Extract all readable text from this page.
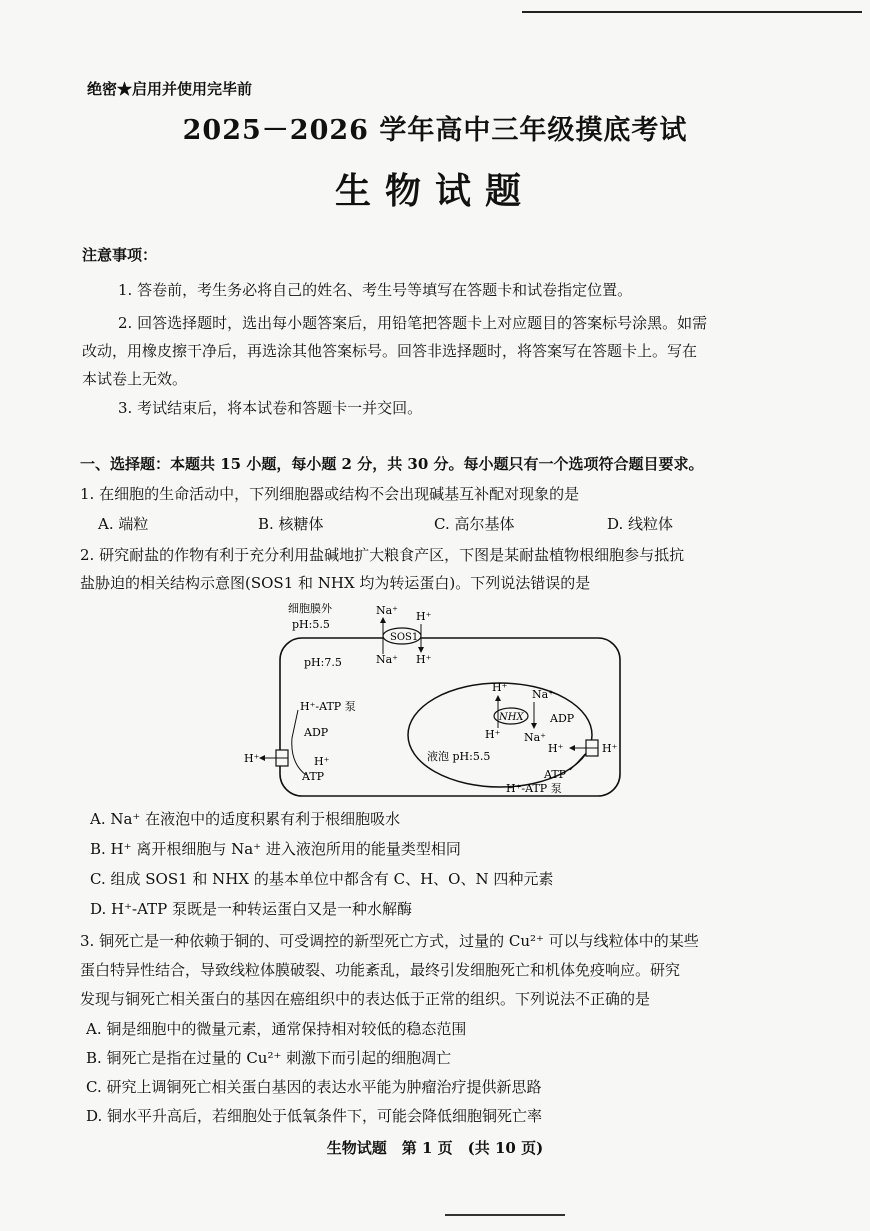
绝密★启用并使用完毕前
2025－2026 学年高中三年级摸底考试
生物试题
注意事项：
1. 答卷前，考生务必将自己的姓名、考生号等填写在答题卡和试卷指定位置。
2. 回答选择题时，选出每小题答案后，用铅笔把答题卡上对应题目的答案标号涂黑。如需
改动，用橡皮擦干净后，再选涂其他答案标号。回答非选择题时，将答案写在答题卡上。写在
本试卷上无效。
3. 考试结束后，将本试卷和答题卡一并交回。
一、选择题：本题共 15 小题，每小题 2 分，共 30 分。每小题只有一个选项符合题目要求。
1. 在细胞的生命活动中，下列细胞器或结构不会出现碱基互补配对现象的是
A. 端粒	B. 核糖体	C. 高尔基体	D. 线粒体
2. 研究耐盐的作物有利于充分利用盐碱地扩大粮食产区，下图是某耐盐植物根细胞参与抵抗
盐胁迫的相关结构示意图(SOS1 和 NHX 均为转运蛋白)。下列说法错误的是
细胞膜外
pH:5.5
pH:7.5
液泡 pH:5.5
SOS1
Na⁺
Na⁺
H⁺
H⁺
H⁺	H⁺
ADP
ATP
H⁺-ATP 泵
NHX
H⁺
Na⁺
H⁺ Na⁺
H⁺	H⁺
ADP
ATP
H⁺-ATP 泵
A. Na⁺ 在液泡中的适度积累有利于根细胞吸水
B. H⁺ 离开根细胞与 Na⁺ 进入液泡所用的能量类型相同
C. 组成 SOS1 和 NHX 的基本单位中都含有 C、H、O、N 四种元素
D. H⁺-ATP 泵既是一种转运蛋白又是一种水解酶
3. 铜死亡是一种依赖于铜的、可受调控的新型死亡方式，过量的 Cu²⁺ 可以与线粒体中的某些
蛋白特异性结合，导致线粒体膜破裂、功能紊乱，最终引发细胞死亡和机体免疫响应。研究
发现与铜死亡相关蛋白的基因在癌组织中的表达低于正常的组织。下列说法不正确的是
A. 铜是细胞中的微量元素，通常保持相对较低的稳态范围
B. 铜死亡是指在过量的 Cu²⁺ 刺激下而引起的细胞凋亡
C. 研究上调铜死亡相关蛋白基因的表达水平能为肿瘤治疗提供新思路
D. 铜水平升高后，若细胞处于低氧条件下，可能会降低细胞铜死亡率
生物试题　第 1 页　(共 10 页)
